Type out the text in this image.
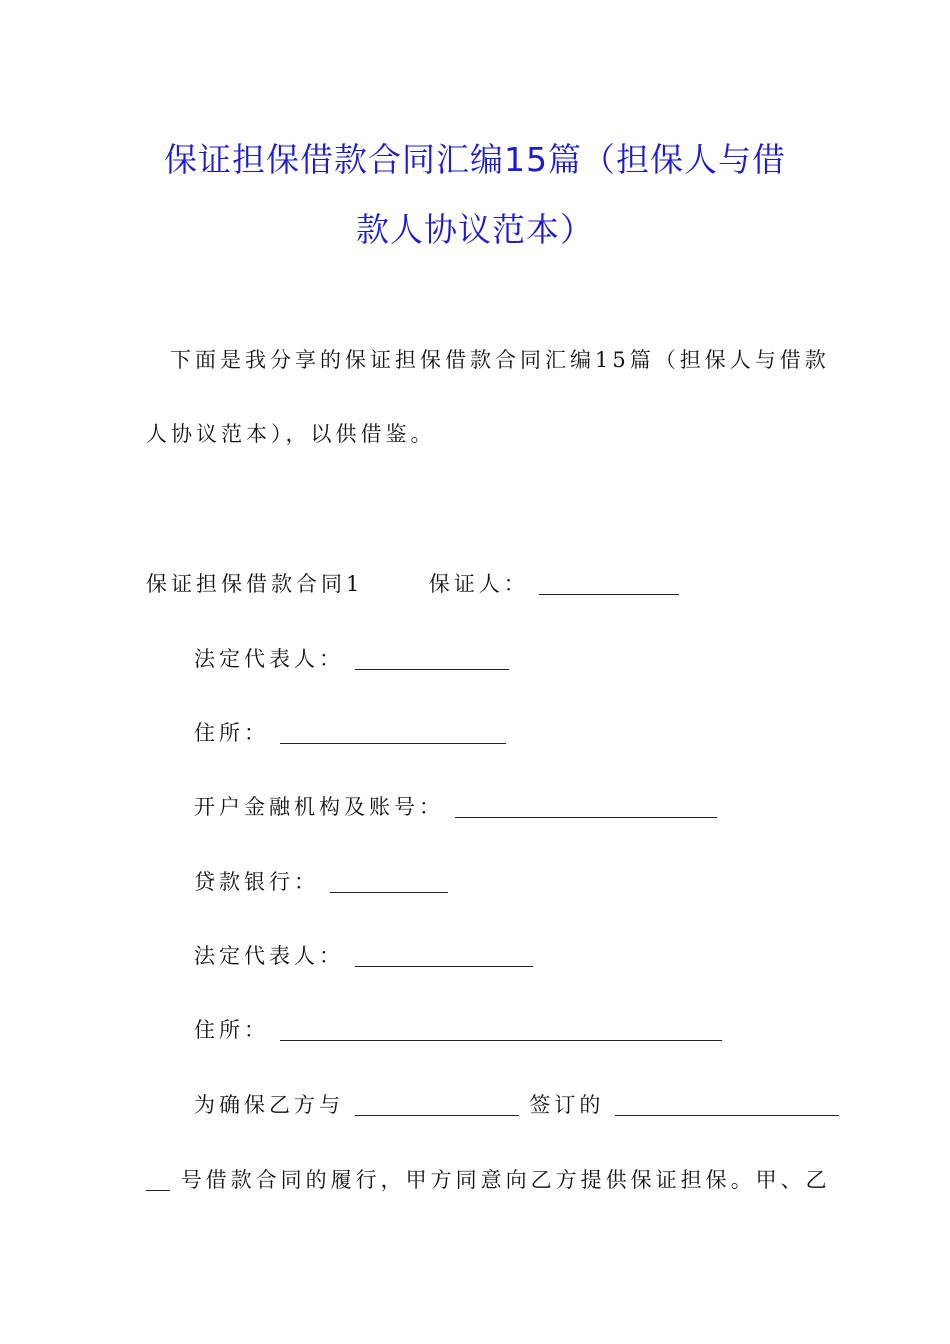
保证担保借款合同汇编15篇（担保人与借
款人协议范本）
下面是我分享的保证担保借款合同汇编15篇（担保人与借款
人协议范本），以供借鉴。
保证担保借款合同1	保证人：
法定代表人：
住所：
开户金融机构及账号：
贷款银行：
法定代表人：
住所：
为确保乙方与	签订的
号借款合同的履行，甲方同意向乙方提供保证担保。甲、乙
